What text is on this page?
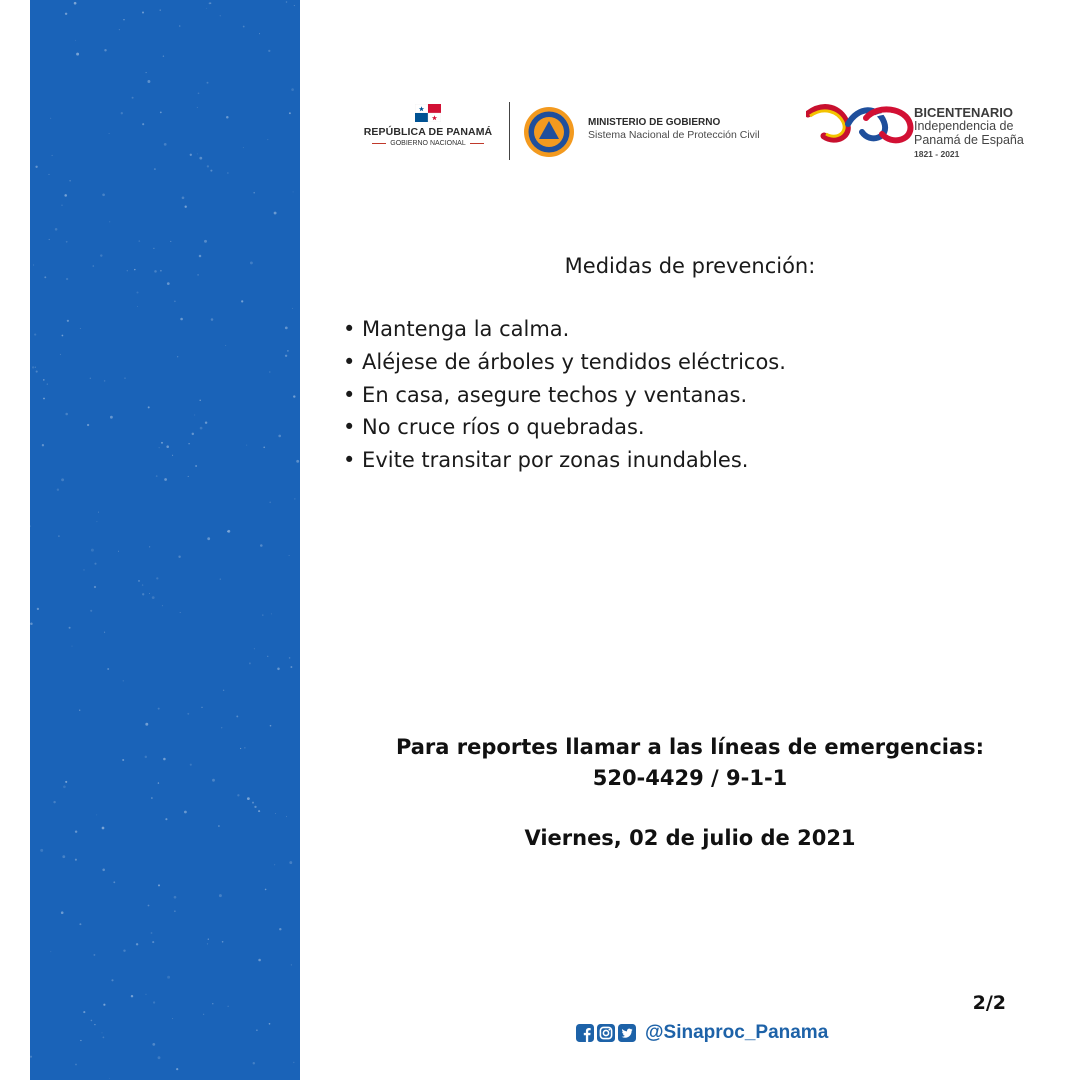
REPÚBLICA DE PANAMÁ
GOBIERNO NACIONAL
MINISTERIO DE GOBIERNO
Sistema Nacional de Protección Civil
BICENTENARIO
Independencia de
Panamá de España
1821 - 2021
Medidas de prevención:
• Mantenga la calma.
• Aléjese de árboles y tendidos eléctricos.
• En casa, asegure techos y ventanas.
• No cruce ríos o quebradas.
• Evite transitar por zonas inundables.
Para reportes llamar a las líneas de emergencias:
520-4429 / 9-1-1
Viernes, 02 de julio de 2021
2/2
@Sinaproc_Panama
